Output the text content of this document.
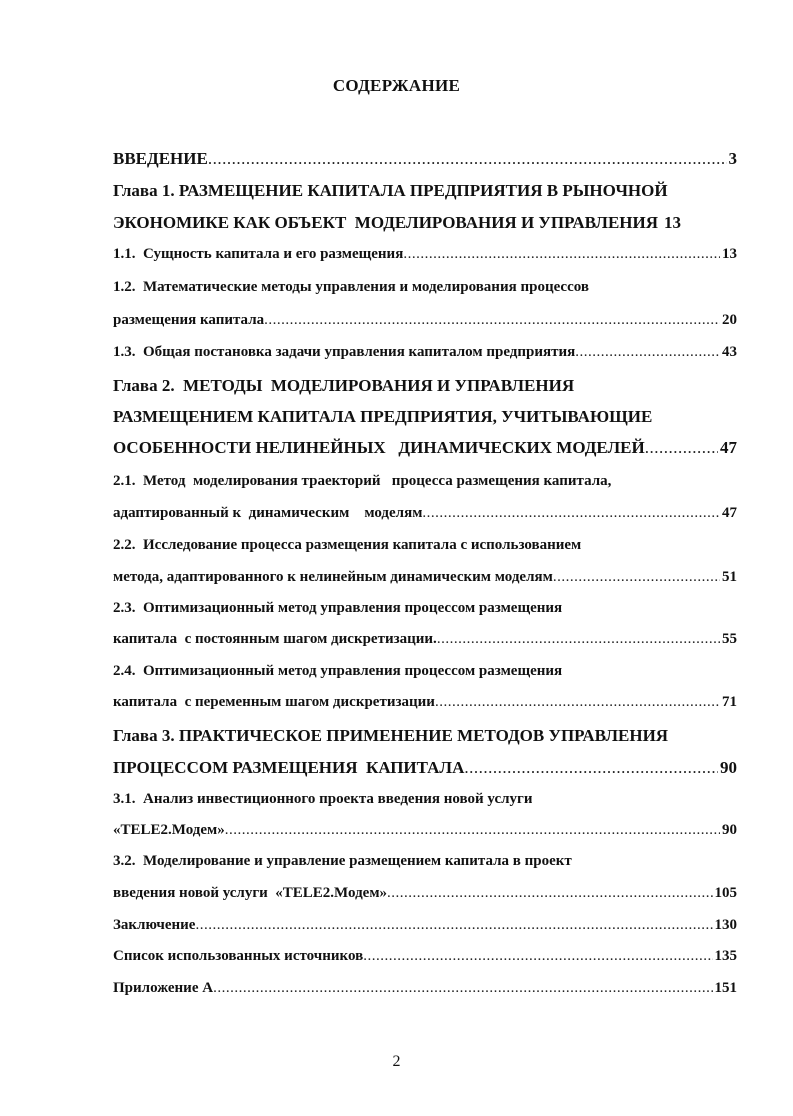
СОДЕРЖАНИЕ
ВВЕДЕНИЕ .....	3
Глава 1. РАЗМЕЩЕНИЕ КАПИТАЛА ПРЕДПРИЯТИЯ В РЫНОЧНОЙ
ЭКОНОМИКЕ КАК ОБЪЕКТ  МОДЕЛИРОВАНИЯ И УПРАВЛЕНИЯ 13
1.1.  Сущность капитала и его размещения .....	13
1.2.  Математические методы управления и моделирования процессов
размещения капитала .....	20
1.3.  Общая постановка задачи управления капиталом предприятия .....	43
Глава 2.  МЕТОДЫ  МОДЕЛИРОВАНИЯ И УПРАВЛЕНИЯ
РАЗМЕЩЕНИЕМ КАПИТАЛА ПРЕДПРИЯТИЯ, УЧИТЫВАЮЩИЕ
ОСОБЕННОСТИ НЕЛИНЕЙНЫХ   ДИНАМИЧЕСКИХ МОДЕЛЕЙ .....	47
2.1.  Метод  моделирования траекторий   процесса размещения капитала,
адаптированный к  динамическим    моделям .....	47
2.2.  Исследование процесса размещения капитала с использованием
метода, адаптированного к нелинейным динамическим моделям .....	51
2.3.  Оптимизационный метод управления процессом размещения
капитала  с постоянным шагом дискретизации. .....	55
2.4.  Оптимизационный метод управления процессом размещения
капитала  с переменным шагом дискретизации .....	71
Глава 3. ПРАКТИЧЕСКОЕ ПРИМЕНЕНИЕ МЕТОДОВ УПРАВЛЕНИЯ
ПРОЦЕССОМ РАЗМЕЩЕНИЯ  КАПИТАЛА .....	90
3.1.  Анализ инвестиционного проекта введения новой услуги
«TELE2.Модем» .....	90
3.2.  Моделирование и управление размещением капитала в проект
введения новой услуги  «TELE2.Модем» .....	105
Заключение .....	130
Список использованных источников .....	135
Приложение А .....	151
2
